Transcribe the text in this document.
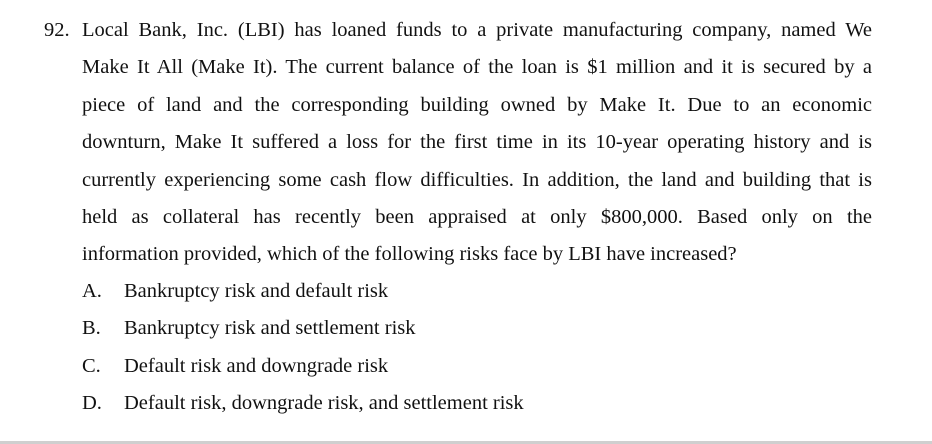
92. Local Bank, Inc. (LBI) has loaned funds to a private manufacturing company, named We
Make It All (Make It). The current balance of the loan is $1 million and it is secured by a
piece of land and the corresponding building owned by Make It. Due to an economic
downturn, Make It suffered a loss for the first time in its 10-year operating history and is
currently experiencing some cash flow difficulties. In addition, the land and building that is
held as collateral has recently been appraised at only $800,000. Based only on the
information provided, which of the following risks face by LBI have increased?
A. Bankruptcy risk and default risk
B. Bankruptcy risk and settlement risk
C. Default risk and downgrade risk
D. Default risk, downgrade risk, and settlement risk
